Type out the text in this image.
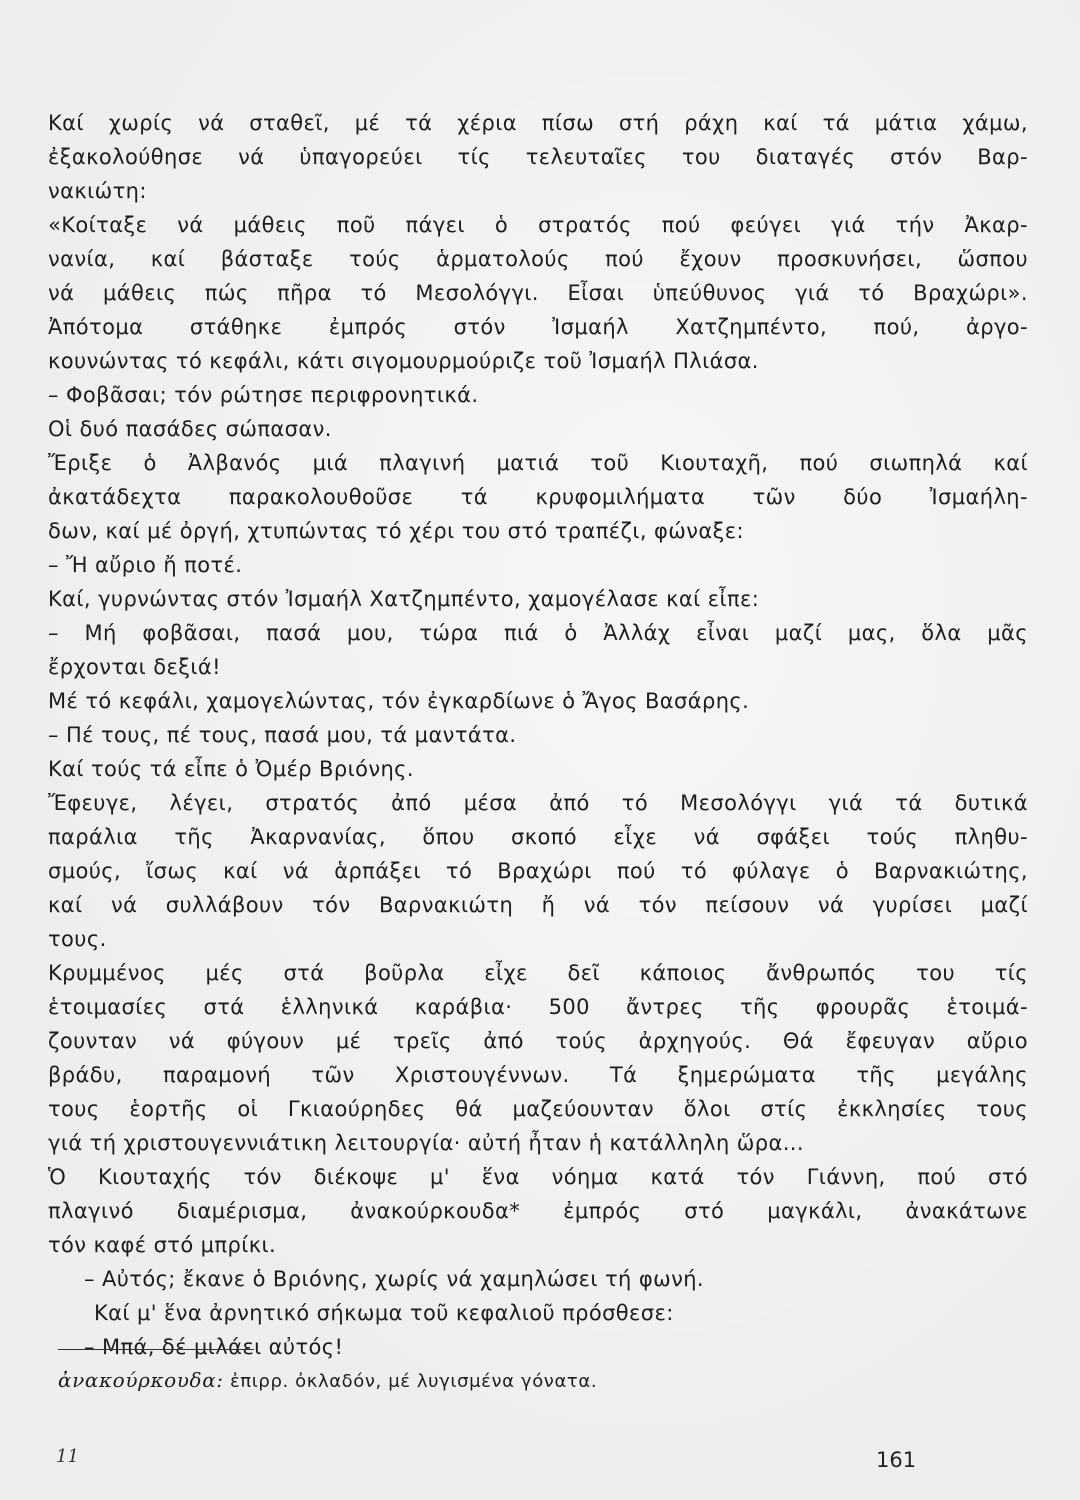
Καί χωρίς νά σταθεῖ, μέ τά χέρια πίσω στή ράχη καί τά μάτια χάμω,
ἐξακολούθησε νά ὑπαγορεύει τίς τελευταῖες του διαταγές στόν Βαρ-
νακιώτη:
«Κοίταξε νά μάθεις ποῦ πάγει ὁ στρατός πού φεύγει γιά τήν Ἀκαρ-
νανία, καί βάσταξε τούς ἁρματολούς πού ἔχουν προσκυνήσει, ὥσπου
νά μάθεις πώς πῆρα τό Μεσολόγγι. Εἶσαι ὑπεύθυνος γιά τό Βραχώρι».
Ἀπότομα στάθηκε ἐμπρός στόν Ἰσμαήλ Χατζημπέντο, πού, ἀργο-
κουνώντας τό κεφάλι, κάτι σιγομουρμούριζε τοῦ Ἰσμαήλ Πλιάσα.
– Φοβᾶσαι; τόν ρώτησε περιφρονητικά.
Οἱ δυό πασάδες σώπασαν.
Ἔριξε ὁ Ἀλβανός μιά πλαγινή ματιά τοῦ Κιουταχῆ, πού σιωπηλά καί
ἀκατάδεχτα παρακολουθοῦσε τά κρυφομιλήματα τῶν δύο Ἰσμαήλη-
δων, καί μέ ὀργή, χτυπώντας τό χέρι του στό τραπέζι, φώναξε:
– Ἤ αὔριο ἤ ποτέ.
Καί, γυρνώντας στόν Ἰσμαήλ Χατζημπέντο, χαμογέλασε καί εἶπε:
– Μή φοβᾶσαι, πασά μου, τώρα πιά ὁ Ἀλλάχ εἶναι μαζί μας, ὅλα μᾶς
ἔρχονται δεξιά!
Μέ τό κεφάλι, χαμογελώντας, τόν ἐγκαρδίωνε ὁ Ἄγος Βασάρης.
– Πέ τους, πέ τους, πασά μου, τά μαντάτα.
Καί τούς τά εἶπε ὁ Ὀμέρ Βριόνης.
Ἔφευγε, λέγει, στρατός ἀπό μέσα ἀπό τό Μεσολόγγι γιά τά δυτικά
παράλια τῆς Ἀκαρνανίας, ὅπου σκοπό εἶχε νά σφάξει τούς πληθυ-
σμούς, ἴσως καί νά ἁρπάξει τό Βραχώρι πού τό φύλαγε ὁ Βαρνακιώτης,
καί νά συλλάβουν τόν Βαρνακιώτη ἤ νά τόν πείσουν νά γυρίσει μαζί
τους.
Κρυμμένος μές στά βοῦρλα εἶχε δεῖ κάποιος ἄνθρωπός του τίς
ἑτοιμασίες στά ἑλληνικά καράβια· 500 ἄντρες τῆς φρουρᾶς ἑτοιμά-
ζουνταν νά φύγουν μέ τρεῖς ἀπό τούς ἀρχηγούς. Θά ἔφευγαν αὔριο
βράδυ, παραμονή τῶν Χριστουγέννων. Τά ξημερώματα τῆς μεγάλης
τους ἑορτῆς οἱ Γκιαούρηδες θά μαζεύουνταν ὅλοι στίς ἐκκλησίες τους
γιά τή χριστουγεννιάτικη λειτουργία· αὐτή ἦταν ἡ κατάλληλη ὥρα...
Ὁ Κιουταχής τόν διέκοψε μ' ἕνα νόημα κατά τόν Γιάννη, πού στό
πλαγινό διαμέρισμα, ἀνακούρκουδα* ἐμπρός στό μαγκάλι, ἀνακάτωνε
τόν καφέ στό μπρίκι.
– Αὐτός; ἔκανε ὁ Βριόνης, χωρίς νά χαμηλώσει τή φωνή.
Καί μ' ἕνα ἀρνητικό σήκωμα τοῦ κεφαλιοῦ πρόσθεσε:
– Μπά, δέ μιλάει αὐτός!
ἀνακούρκουδα: ἐπιρρ. ὀκλαδόν, μέ λυγισμένα γόνατα.
11	161
